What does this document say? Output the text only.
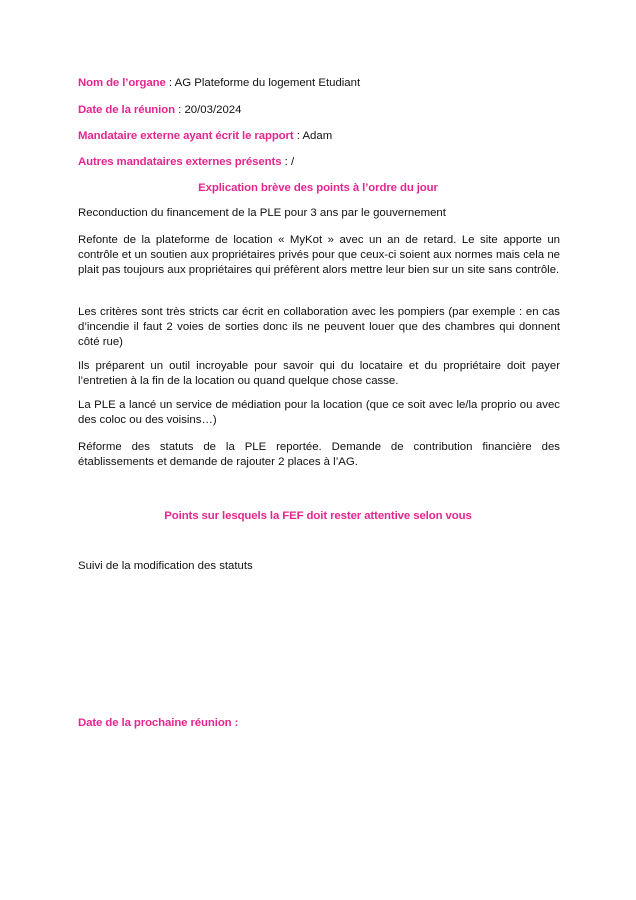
Nom de l’organe : AG Plateforme du logement Etudiant
Date de la réunion : 20/03/2024
Mandataire externe ayant écrit le rapport : Adam
Autres mandataires externes présents : /
Explication brève des points à l’ordre du jour
Reconduction du financement de la PLE pour 3 ans par le gouvernement
Refonte de la plateforme de location « MyKot » avec un an de retard. Le site apporte un contrôle et un soutien aux propriétaires privés pour que ceux-ci soient aux normes mais cela ne plait pas toujours aux propriétaires qui préfèrent alors mettre leur bien sur un site sans contrôle.
Les critères sont très stricts car écrit en collaboration avec les pompiers (par exemple : en cas d’incendie il faut 2 voies de sorties donc ils ne peuvent louer que des chambres qui donnent côté rue)
Ils préparent un outil incroyable pour savoir qui du locataire et du propriétaire doit payer l’entretien à la fin de la location ou quand quelque chose casse.
La PLE a lancé un service de médiation pour la location (que ce soit avec le/la proprio ou avec des coloc ou des voisins…)
Réforme des statuts de la PLE reportée. Demande de contribution financière des établissements et demande de rajouter 2 places à l’AG.
Points sur lesquels la FEF doit rester attentive selon vous
Suivi de la modification des statuts
Date de la prochaine réunion :
